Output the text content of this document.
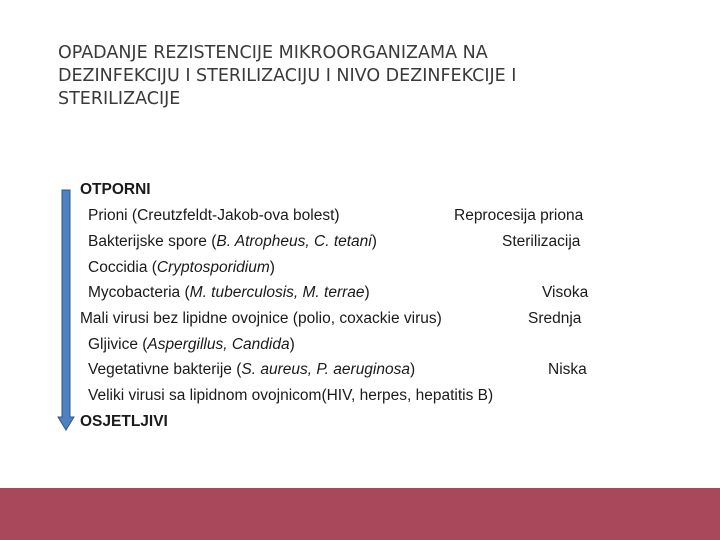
OPADANJE REZISTENCIJE MIKROORGANIZAMA NA
DEZINFEKCIJU I STERILIZACIJU I NIVO DEZINFEKCIJE I
STERILIZACIJE
OTPORNI
Prioni (Creutzfeldt-Jakob-ova bolest)	Reprocesija priona
Bakterijske spore (B. Atropheus, C. tetani)	Sterilizacija
Coccidia (Cryptosporidium)
Mycobacteria (M. tuberculosis, M. terrae)	Visoka
Mali virusi bez lipidne ovojnice (polio, coxackie virus)	Srednja
Gljivice (Aspergillus, Candida)
Vegetativne bakterije (S. aureus, P. aeruginosa)	Niska
Veliki virusi sa lipidnom ovojnicom(HIV, herpes, hepatitis B)
OSJETLJIVI
